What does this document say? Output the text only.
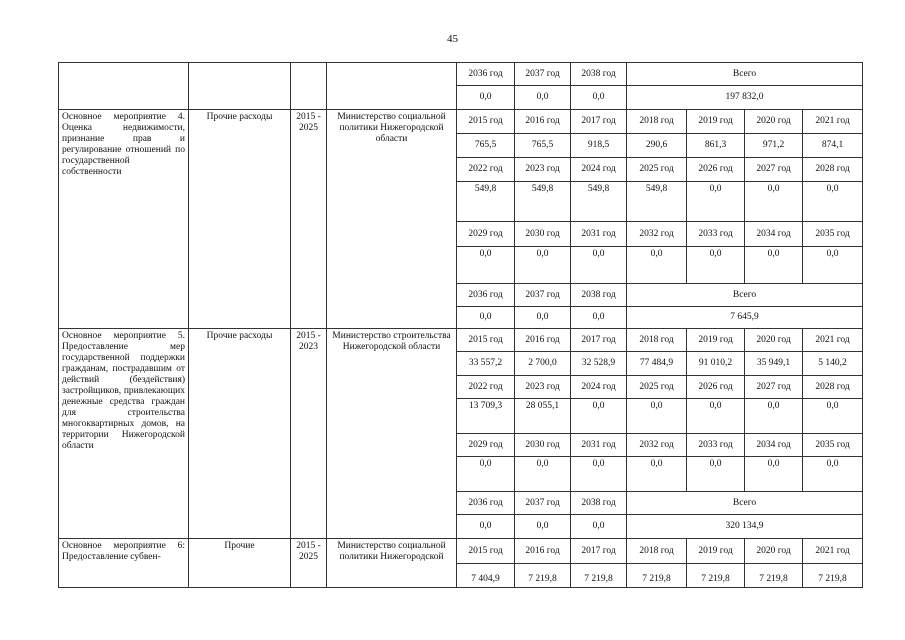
45
				2036 год	2037 год	2038 год	Всего			
				0,0	0,0	0,0	197 832,0			
Основное мероприятие 4. Оценка недвижимости, признание прав и регулирование отношений по государственной собственности	Прочие расходы	2015 - 2025	Министерство социальной политики Нижегородской области	2015 год	2016 год	2017 год	2018 год	2019 год	2020 год	2021 год
				765,5	765,5	918,5	290,6	861,3	971,2	874,1
				2022 год	2023 год	2024 год	2025 год	2026 год	2027 год	2028 год
				549,8	549,8	549,8	549,8	0,0	0,0	0,0
				2029 год	2030 год	2031 год	2032 год	2033 год	2034 год	2035 год
				0,0	0,0	0,0	0,0	0,0	0,0	0,0
				2036 год	2037 год	2038 год	Всего			
				0,0	0,0	0,0	7 645,9			
Основное мероприятие 5. Предоставление мер государственной поддержки гражданам, пострадавшим от действий (бездействия) застройщиков, привлекающих денежные средства граждан для строительства многоквартирных домов, на территории Нижегородской области	Прочие расходы	2015 - 2023	Министерство строительства Нижегородской области	2015 год	2016 год	2017 год	2018 год	2019 год	2020 год	2021 год
				33 557,2	2 700,0	32 528,9	77 484,9	91 010,2	35 949,1	5 140,2
				2022 год	2023 год	2024 год	2025 год	2026 год	2027 год	2028 год
				13 709,3	28 055,1	0,0	0,0	0,0	0,0	0,0
				2029 год	2030 год	2031 год	2032 год	2033 год	2034 год	2035 год
				0,0	0,0	0,0	0,0	0,0	0,0	0,0
				2036 год	2037 год	2038 год	Всего			
				0,0	0,0	0,0	320 134,9			
Основное мероприятие 6: Предоставление субвен-	Прочие	2015 - 2025	Министерство социальной политики Нижегородской	2015 год	2016 год	2017 год	2018 год	2019 год	2020 год	2021 год
				7 404,9	7 219,8	7 219,8	7 219,8	7 219,8	7 219,8	7 219,8
